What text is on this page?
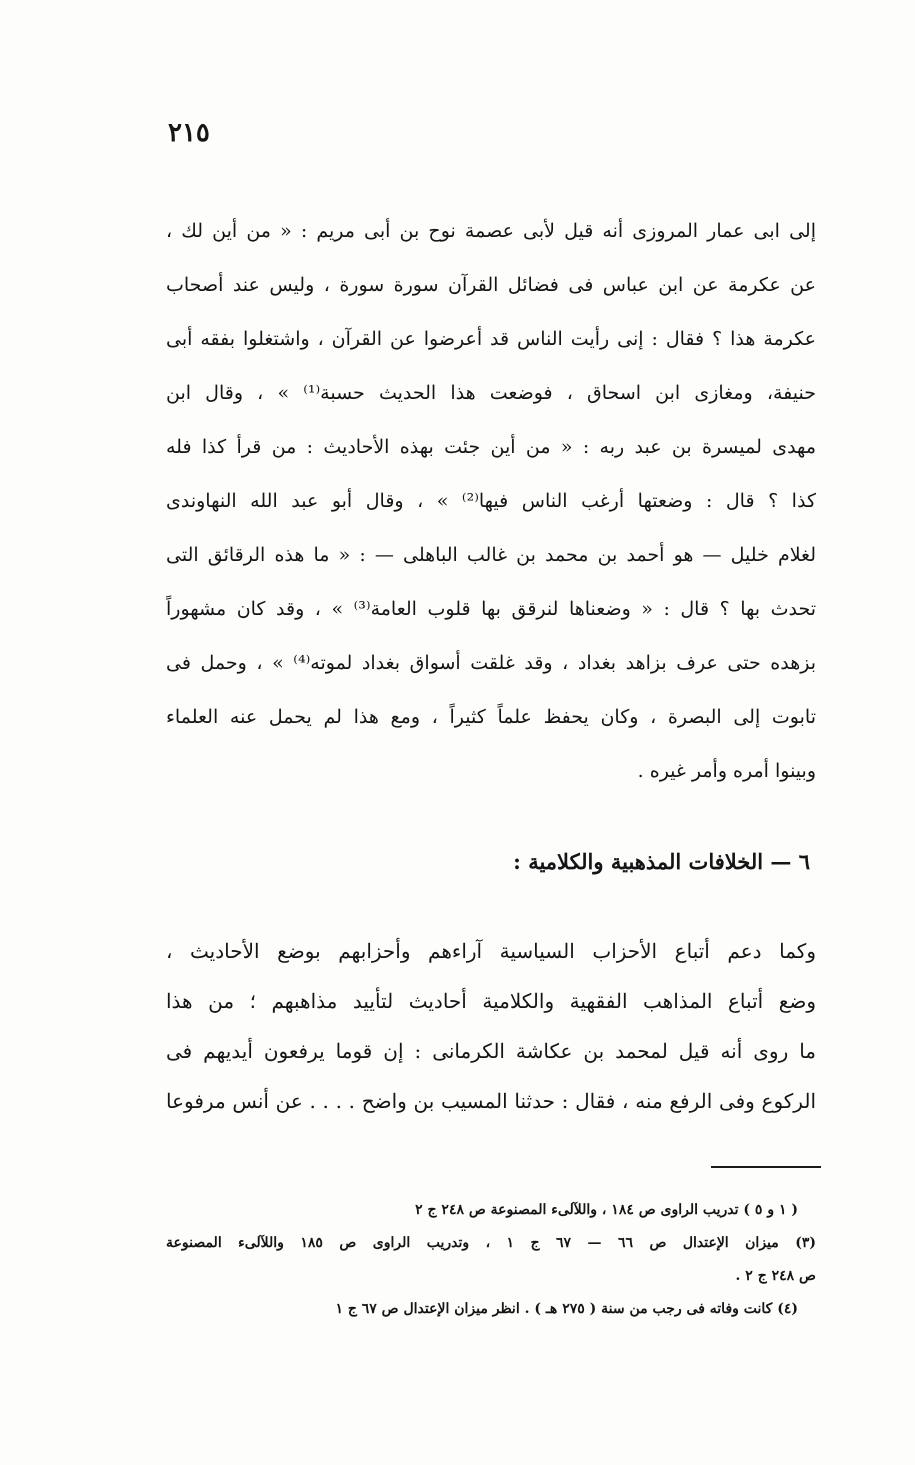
٢١٥
إلى ابى عمار المروزى أنه قيل لأبى عصمة نوح بن أبى مريم : « من أين لك ،
عن عكرمة عن ابن عباس فى فضائل القرآن سورة سورة ، وليس عند أصحاب
عكرمة هذا ؟ فقال : إنى رأيت الناس قد أعرضوا عن القرآن ، واشتغلوا بفقه أبى
حنيفة، ومغازى ابن اسحاق ، فوضعت هذا الحديث حسبة⁽¹⁾ » ، وقال ابن
مهدى لميسرة بن عبد ربه : « من أين جئت بهذه الأحاديث : من قرأ كذا فله
كذا ؟ قال : وضعتها أرغب الناس فيها⁽²⁾ » ، وقال أبو عبد الله النهاوندى
لغلام خليل — هو أحمد بن محمد بن غالب الباهلى — : « ما هذه الرقائق التى
تحدث بها ؟ قال : « وضعناها لنرقق بها قلوب العامة⁽³⁾ » ، وقد كان مشهوراً
بزهده حتى عرف بزاهد بغداد ، وقد غلقت أسواق بغداد لموته⁽⁴⁾ » ، وحمل فى
تابوت إلى البصرة ، وكان يحفظ علماً كثيراً ، ومع هذا لم يحمل عنه العلماء
وبينوا أمره وأمر غيره .
٦ — الخلافات المذهبية والكلامية :
وكما دعم أتباع الأحزاب السياسية آراءهم وأحزابهم بوضع الأحاديث ،
وضع أتباع المذاهب الفقهية والكلامية أحاديث لتأييد مذاهبهم ؛ من هذا
ما روى أنه قيل لمحمد بن عكاشة الكرمانى : إن قوما يرفعون أيديهم فى
الركوع وفى الرفع منه ، فقال : حدثنا المسيب بن واضح . . . . عن أنس مرفوعا
( ١ و ٥ ) تدريب الراوى ص ١٨٤ ، واللآلىء المصنوعة ص ٢٤٨ ج ٢
(٣) ميزان الإعتدال ص ٦٦ — ٦٧ ج ١ ، وتدريب الراوى ص ١٨٥ واللآلىء المصنوعة
ص ٢٤٨ ج ٢ .
(٤) كانت وفاته فى رجب من سنة ( ٢٧٥ هـ ) . انظر ميزان الإعتدال ص ٦٧ ج ١
